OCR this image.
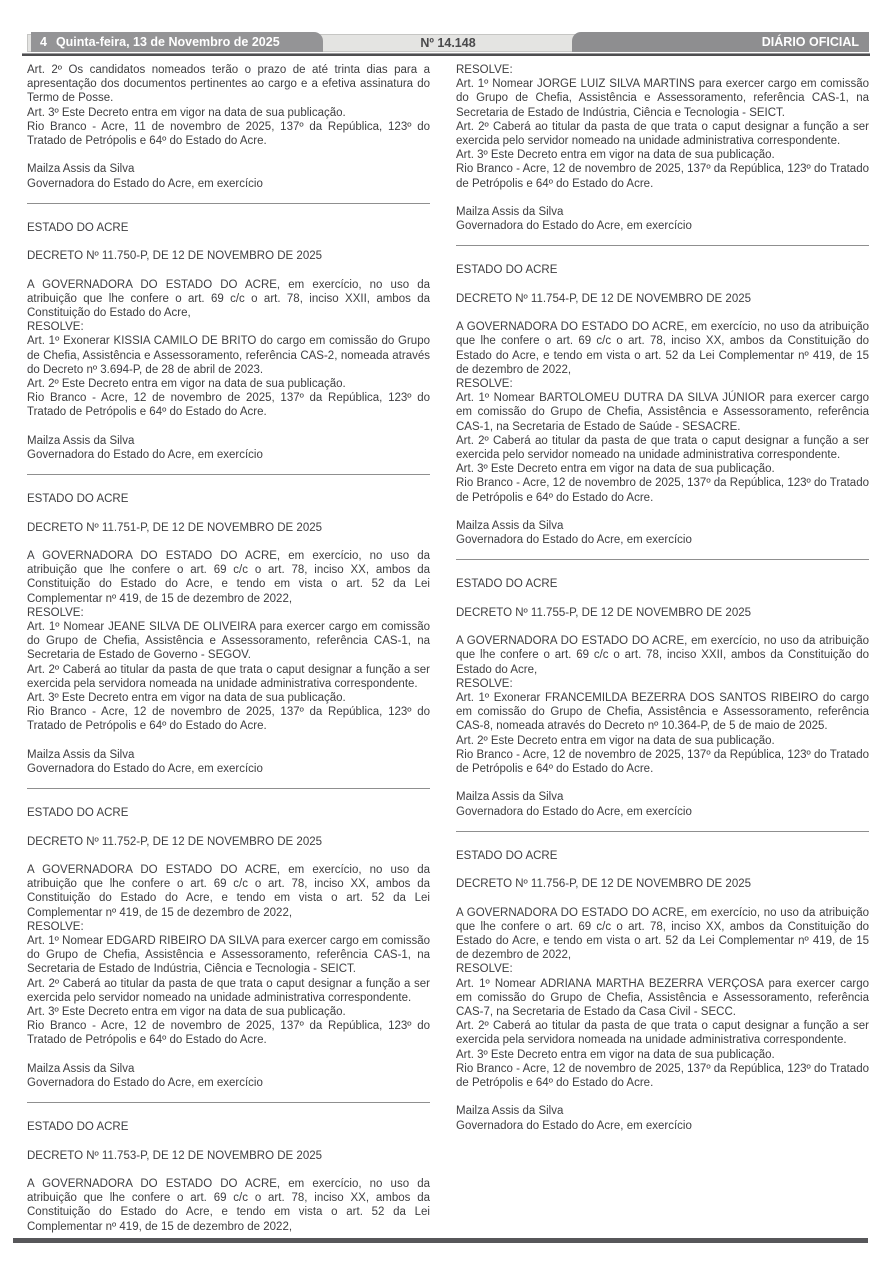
4 Quinta-feira, 13 de Novembro de 2025	Nº 14.148	DIÁRIO OFICIAL

Art. 2º Os candidatos nomeados terão o prazo de até trinta dias para a apresentação dos documentos pertinentes ao cargo e a efetiva assinatura do Termo de Posse.

Art. 3º Este Decreto entra em vigor na data de sua publicação.

Rio Branco - Acre, 11 de novembro de 2025, 137º da República, 123º do Tratado de Petrópolis e 64º do Estado do Acre.

Mailza Assis da Silva

Governadora do Estado do Acre, em exercício

ESTADO DO ACRE

DECRETO Nº 11.750-P, DE 12 DE NOVEMBRO DE 2025

A GOVERNADORA DO ESTADO DO ACRE, em exercício, no uso da atribuição que lhe confere o art. 69 c/c o art. 78, inciso XXII, ambos da Constituição do Estado do Acre,

RESOLVE:

Art. 1º Exonerar KISSIA CAMILO DE BRITO do cargo em comissão do Grupo de Chefia, Assistência e Assessoramento, referência CAS-2, nomeada através do Decreto nº 3.694-P, de 28 de abril de 2023.

Art. 2º Este Decreto entra em vigor na data de sua publicação.

Rio Branco - Acre, 12 de novembro de 2025, 137º da República, 123º do Tratado de Petrópolis e 64º do Estado do Acre.

Mailza Assis da Silva

Governadora do Estado do Acre, em exercício

ESTADO DO ACRE

DECRETO Nº 11.751-P, DE 12 DE NOVEMBRO DE 2025

A GOVERNADORA DO ESTADO DO ACRE, em exercício, no uso da atribuição que lhe confere o art. 69 c/c o art. 78, inciso XX, ambos da Constituição do Estado do Acre, e tendo em vista o art. 52 da Lei Complementar nº 419, de 15 de dezembro de 2022,

RESOLVE:

Art. 1º Nomear JEANE SILVA DE OLIVEIRA para exercer cargo em comissão do Grupo de Chefia, Assistência e Assessoramento, referência CAS-1, na Secretaria de Estado de Governo - SEGOV.

Art. 2º Caberá ao titular da pasta de que trata o caput designar a função a ser exercida pela servidora nomeada na unidade administrativa correspondente.

Art. 3º Este Decreto entra em vigor na data de sua publicação.

Rio Branco - Acre, 12 de novembro de 2025, 137º da República, 123º do Tratado de Petrópolis e 64º do Estado do Acre.

Mailza Assis da Silva

Governadora do Estado do Acre, em exercício

ESTADO DO ACRE

DECRETO Nº 11.752-P, DE 12 DE NOVEMBRO DE 2025

A GOVERNADORA DO ESTADO DO ACRE, em exercício, no uso da atribuição que lhe confere o art. 69 c/c o art. 78, inciso XX, ambos da Constituição do Estado do Acre, e tendo em vista o art. 52 da Lei Complementar nº 419, de 15 de dezembro de 2022,

RESOLVE:

Art. 1º Nomear EDGARD RIBEIRO DA SILVA para exercer cargo em comissão do Grupo de Chefia, Assistência e Assessoramento, referência CAS-1, na Secretaria de Estado de Indústria, Ciência e Tecnologia - SEICT.

Art. 2º Caberá ao titular da pasta de que trata o caput designar a função a ser exercida pelo servidor nomeado na unidade administrativa correspondente.

Art. 3º Este Decreto entra em vigor na data de sua publicação.

Rio Branco - Acre, 12 de novembro de 2025, 137º da República, 123º do Tratado de Petrópolis e 64º do Estado do Acre.

Mailza Assis da Silva

Governadora do Estado do Acre, em exercício

ESTADO DO ACRE

DECRETO Nº 11.753-P, DE 12 DE NOVEMBRO DE 2025

A GOVERNADORA DO ESTADO DO ACRE, em exercício, no uso da atribuição que lhe confere o art. 69 c/c o art. 78, inciso XX, ambos da Constituição do Estado do Acre, e tendo em vista o art. 52 da Lei Complementar nº 419, de 15 de dezembro de 2022,

RESOLVE:

Art. 1º Nomear JORGE LUIZ SILVA MARTINS para exercer cargo em comissão do Grupo de Chefia, Assistência e Assessoramento, referência CAS-1, na Secretaria de Estado de Indústria, Ciência e Tecnologia - SEICT.

Art. 2º Caberá ao titular da pasta de que trata o caput designar a função a ser exercida pelo servidor nomeado na unidade administrativa correspondente.

Art. 3º Este Decreto entra em vigor na data de sua publicação.

Rio Branco - Acre, 12 de novembro de 2025, 137º da República, 123º do Tratado de Petrópolis e 64º do Estado do Acre.

Mailza Assis da Silva

Governadora do Estado do Acre, em exercício

ESTADO DO ACRE

DECRETO Nº 11.754-P, DE 12 DE NOVEMBRO DE 2025

A GOVERNADORA DO ESTADO DO ACRE, em exercício, no uso da atribuição que lhe confere o art. 69 c/c o art. 78, inciso XX, ambos da Constituição do Estado do Acre, e tendo em vista o art. 52 da Lei Complementar nº 419, de 15 de dezembro de 2022,

RESOLVE:

Art. 1º Nomear BARTOLOMEU DUTRA DA SILVA JÚNIOR para exercer cargo em comissão do Grupo de Chefia, Assistência e Assessoramento, referência CAS-1, na Secretaria de Estado de Saúde - SESACRE.

Art. 2º Caberá ao titular da pasta de que trata o caput designar a função a ser exercida pelo servidor nomeado na unidade administrativa correspondente.

Art. 3º Este Decreto entra em vigor na data de sua publicação.

Rio Branco - Acre, 12 de novembro de 2025, 137º da República, 123º do Tratado de Petrópolis e 64º do Estado do Acre.

Mailza Assis da Silva

Governadora do Estado do Acre, em exercício

ESTADO DO ACRE

DECRETO Nº 11.755-P, DE 12 DE NOVEMBRO DE 2025

A GOVERNADORA DO ESTADO DO ACRE, em exercício, no uso da atribuição que lhe confere o art. 69 c/c o art. 78, inciso XXII, ambos da Constituição do Estado do Acre,

RESOLVE:

Art. 1º Exonerar FRANCEMILDA BEZERRA DOS SANTOS RIBEIRO do cargo em comissão do Grupo de Chefia, Assistência e Assessoramento, referência CAS-8, nomeada através do Decreto nº 10.364-P, de 5 de maio de 2025.

Art. 2º Este Decreto entra em vigor na data de sua publicação.

Rio Branco - Acre, 12 de novembro de 2025, 137º da República, 123º do Tratado de Petrópolis e 64º do Estado do Acre.

Mailza Assis da Silva

Governadora do Estado do Acre, em exercício

ESTADO DO ACRE

DECRETO Nº 11.756-P, DE 12 DE NOVEMBRO DE 2025

A GOVERNADORA DO ESTADO DO ACRE, em exercício, no uso da atribuição que lhe confere o art. 69 c/c o art. 78, inciso XX, ambos da Constituição do Estado do Acre, e tendo em vista o art. 52 da Lei Complementar nº 419, de 15 de dezembro de 2022,

RESOLVE:

Art. 1º Nomear ADRIANA MARTHA BEZERRA VERÇOSA para exercer cargo em comissão do Grupo de Chefia, Assistência e Assessoramento, referência CAS-7, na Secretaria de Estado da Casa Civil - SECC.

Art. 2º Caberá ao titular da pasta de que trata o caput designar a função a ser exercida pela servidora nomeada na unidade administrativa correspondente.

Art. 3º Este Decreto entra em vigor na data de sua publicação.

Rio Branco - Acre, 12 de novembro de 2025, 137º da República, 123º do Tratado de Petrópolis e 64º do Estado do Acre.

Mailza Assis da Silva

Governadora do Estado do Acre, em exercício
